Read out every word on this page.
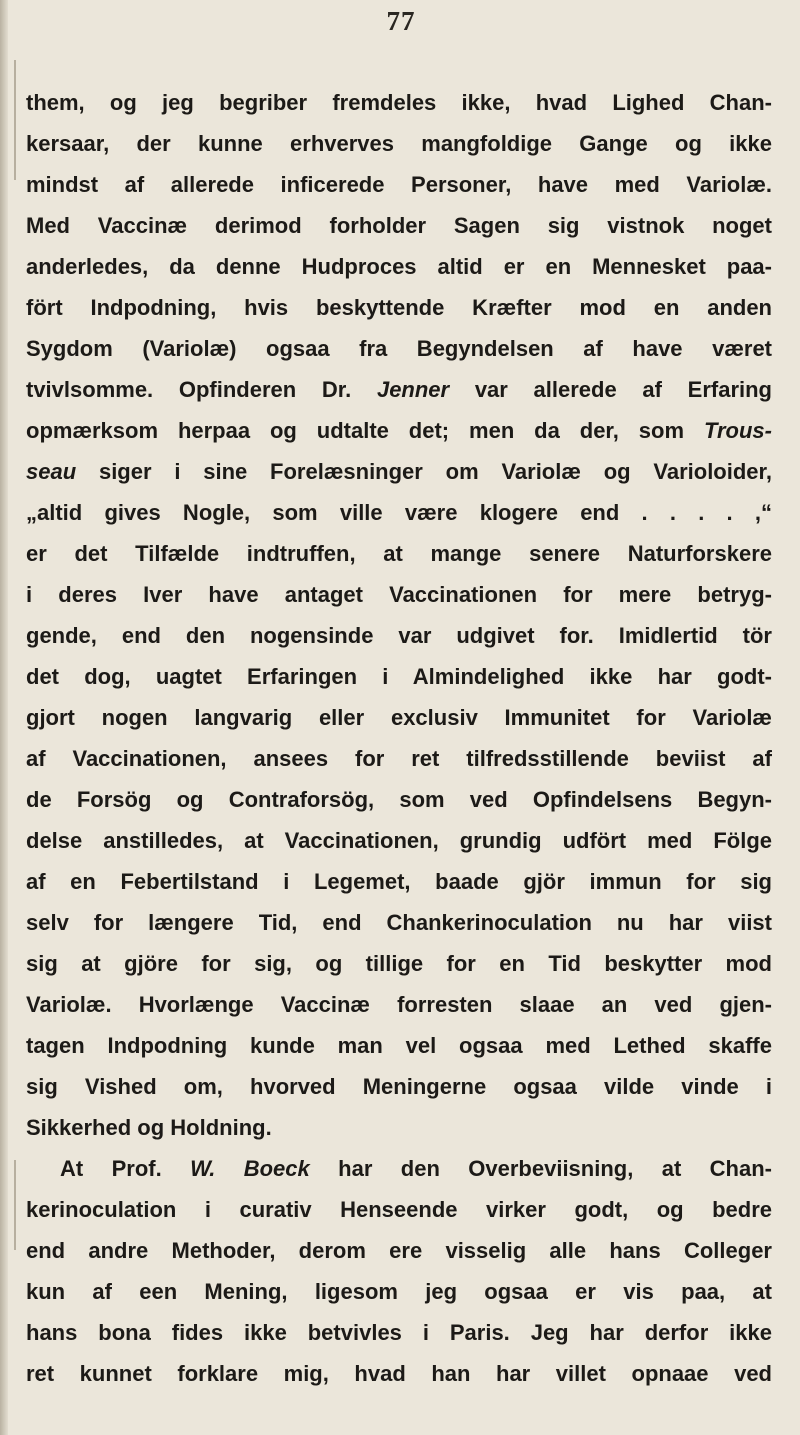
77
them, og jeg begriber fremdeles ikke, hvad Lighed Chan-
kersaar, der kunne erhverves mangfoldige Gange og ikke
mindst af allerede inficerede Personer, have med Variolæ.
Med Vaccinæ derimod forholder Sagen sig vistnok noget
anderledes, da denne Hudproces altid er en Mennesket paa-
fört Indpodning, hvis beskyttende Kræfter mod en anden
Sygdom (Variolæ) ogsaa fra Begyndelsen af have været
tvivlsomme. Opfinderen Dr. Jenner var allerede af Erfaring
opmærksom herpaa og udtalte det; men da der, som Trous-
seau siger i sine Forelæsninger om Variolæ og Varioloider,
„altid gives Nogle, som ville være klogere end . . . . ,“
er det Tilfælde indtruffen, at mange senere Naturforskere
i deres Iver have antaget Vaccinationen for mere betryg-
gende, end den nogensinde var udgivet for. Imidlertid tör
det dog, uagtet Erfaringen i Almindelighed ikke har godt-
gjort nogen langvarig eller exclusiv Immunitet for Variolæ
af Vaccinationen, ansees for ret tilfredsstillende beviist af
de Forsög og Contraforsög, som ved Opfindelsens Begyn-
delse anstilledes, at Vaccinationen, grundig udfört med Fölge
af en Febertilstand i Legemet, baade gjör immun for sig
selv for længere Tid, end Chankerinoculation nu har viist
sig at gjöre for sig, og tillige for en Tid beskytter mod
Variolæ. Hvorlænge Vaccinæ forresten slaae an ved gjen-
tagen Indpodning kunde man vel ogsaa med Lethed skaffe
sig Vished om, hvorved Meningerne ogsaa vilde vinde i
Sikkerhed og Holdning.
At Prof. W. Boeck har den Overbeviisning, at Chan-
kerinoculation i curativ Henseende virker godt, og bedre
end andre Methoder, derom ere visselig alle hans Colleger
kun af een Mening, ligesom jeg ogsaa er vis paa, at
hans bona fides ikke betvivles i Paris. Jeg har derfor ikke
ret kunnet forklare mig, hvad han har villet opnaae ved
